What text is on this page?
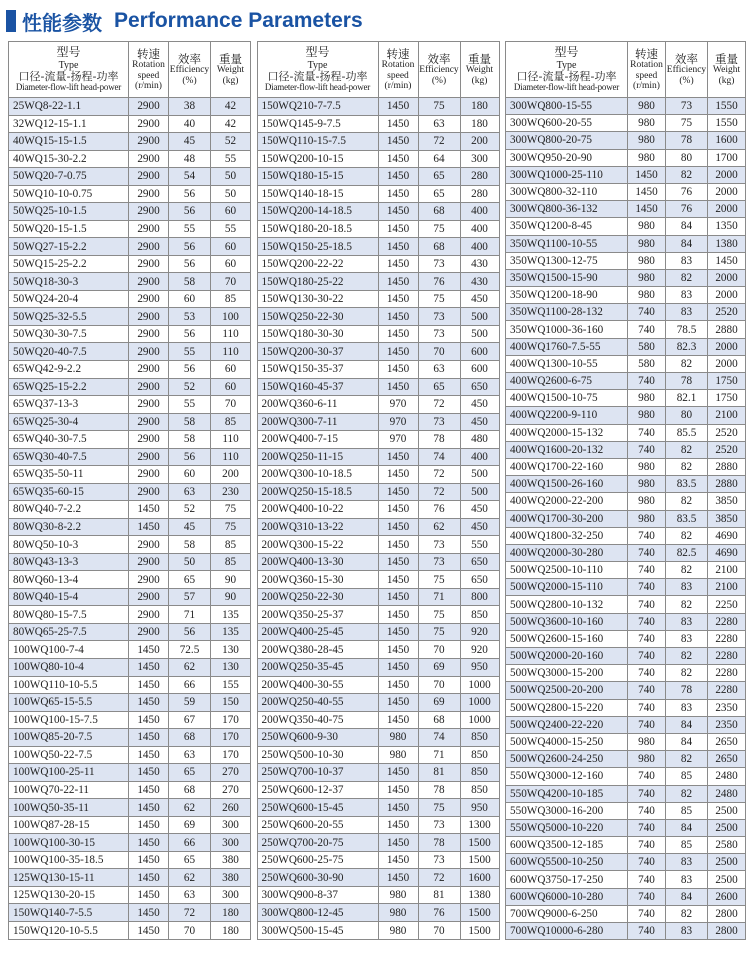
性能参数 Performance Parameters
型号
Type
口径-流量-扬程-功率
Diameter-flow-lift head-power	转速
Rotation speed
(r/min)	效率
Efficiency
(%)	重量
Weight
(kg)

25WQ8-22-1.1	2900	38	42
32WQ12-15-1.1	2900	40	42
40WQ15-15-1.5	2900	45	52
40WQ15-30-2.2	2900	48	55
50WQ20-7-0.75	2900	54	50
50WQ10-10-0.75	2900	56	50
50WQ25-10-1.5	2900	56	60
50WQ20-15-1.5	2900	55	55
50WQ27-15-2.2	2900	56	60
50WQ15-25-2.2	2900	56	60
50WQ18-30-3	2900	58	70
50WQ24-20-4	2900	60	85
50WQ25-32-5.5	2900	53	100
50WQ30-30-7.5	2900	56	110
50WQ20-40-7.5	2900	55	110
65WQ42-9-2.2	2900	56	60
65WQ25-15-2.2	2900	52	60
65WQ37-13-3	2900	55	70
65WQ25-30-4	2900	58	85
65WQ40-30-7.5	2900	58	110
65WQ30-40-7.5	2900	56	110
65WQ35-50-11	2900	60	200
65WQ35-60-15	2900	63	230
80WQ40-7-2.2	1450	52	75
80WQ30-8-2.2	1450	45	75
80WQ50-10-3	2900	58	85
80WQ43-13-3	2900	50	85
80WQ60-13-4	2900	65	90
80WQ40-15-4	2900	57	90
80WQ80-15-7.5	2900	71	135
80WQ65-25-7.5	2900	56	135
100WQ100-7-4	1450	72.5	130
100WQ80-10-4	1450	62	130
100WQ110-10-5.5	1450	66	155
100WQ65-15-5.5	1450	59	150
100WQ100-15-7.5	1450	67	170
100WQ85-20-7.5	1450	68	170
100WQ50-22-7.5	1450	63	170
100WQ100-25-11	1450	65	270
100WQ70-22-11	1450	68	270
100WQ50-35-11	1450	62	260
100WQ87-28-15	1450	69	300
100WQ100-30-15	1450	66	300
100WQ100-35-18.5	1450	65	380
125WQ130-15-11	1450	62	380
125WQ130-20-15	1450	63	300
150WQ140-7-5.5	1450	72	180
150WQ120-10-5.5	1450	70	180
型号
Type
口径-流量-扬程-功率
Diameter-flow-lift head-power	转速
Rotation speed
(r/min)	效率
Efficiency
(%)	重量
Weight
(kg)

150WQ210-7-7.5	1450	75	180
150WQ145-9-7.5	1450	63	180
150WQ110-15-7.5	1450	72	200
150WQ200-10-15	1450	64	300
150WQ180-15-15	1450	65	280
150WQ140-18-15	1450	65	280
150WQ200-14-18.5	1450	68	400
150WQ180-20-18.5	1450	75	400
150WQ150-25-18.5	1450	68	400
150WQ200-22-22	1450	73	430
150WQ180-25-22	1450	76	430
150WQ130-30-22	1450	75	450
150WQ250-22-30	1450	73	500
150WQ180-30-30	1450	73	500
150WQ200-30-37	1450	70	600
150WQ150-35-37	1450	63	600
150WQ160-45-37	1450	65	650
200WQ360-6-11	970	72	450
200WQ300-7-11	970	73	450
200WQ400-7-15	970	78	480
200WQ250-11-15	1450	74	400
200WQ300-10-18.5	1450	72	500
200WQ250-15-18.5	1450	72	500
200WQ400-10-22	1450	76	450
200WQ310-13-22	1450	62	450
200WQ300-15-22	1450	73	550
200WQ400-13-30	1450	73	650
200WQ360-15-30	1450	75	650
200WQ250-22-30	1450	71	800
200WQ350-25-37	1450	75	850
200WQ400-25-45	1450	75	920
200WQ380-28-45	1450	70	920
200WQ250-35-45	1450	69	950
200WQ400-30-55	1450	70	1000
200WQ250-40-55	1450	69	1000
200WQ350-40-75	1450	68	1000
250WQ600-9-30	980	74	850
250WQ500-10-30	980	71	850
250WQ700-10-37	1450	81	850
250WQ600-12-37	1450	78	850
250WQ600-15-45	1450	75	950
250WQ600-20-55	1450	73	1300
250WQ700-20-75	1450	78	1500
250WQ600-25-75	1450	73	1500
250WQ600-30-90	1450	72	1600
300WQ900-8-37	980	81	1380
300WQ800-12-45	980	76	1500
300WQ500-15-45	980	70	1500
型号
Type
口径-流量-扬程-功率
Diameter-flow-lift head-power	转速
Rotation speed
(r/min)	效率
Efficiency
(%)	重量
Weight
(kg)

300WQ800-15-55	980	73	1550
300WQ600-20-55	980	75	1550
300WQ800-20-75	980	78	1600
300WQ950-20-90	980	80	1700
300WQ1000-25-110	1450	82	2000
300WQ800-32-110	1450	76	2000
300WQ800-36-132	1450	76	2000
350WQ1200-8-45	980	84	1350
350WQ1100-10-55	980	84	1380
350WQ1300-12-75	980	83	1450
350WQ1500-15-90	980	82	2000
350WQ1200-18-90	980	83	2000
350WQ1100-28-132	740	83	2520
350WQ1000-36-160	740	78.5	2880
400WQ1760-7.5-55	580	82.3	2000
400WQ1300-10-55	580	82	2000
400WQ2600-6-75	740	78	1750
400WQ1500-10-75	980	82.1	1750
400WQ2200-9-110	980	80	2100
400WQ2000-15-132	740	85.5	2520
400WQ1600-20-132	740	82	2520
400WQ1700-22-160	980	82	2880
400WQ1500-26-160	980	83.5	2880
400WQ2000-22-200	980	82	3850
400WQ1700-30-200	980	83.5	3850
400WQ1800-32-250	740	82	4690
400WQ2000-30-280	740	82.5	4690
500WQ2500-10-110	740	82	2100
500WQ2000-15-110	740	83	2100
500WQ2800-10-132	740	82	2250
500WQ3600-10-160	740	83	2280
500WQ2600-15-160	740	83	2280
500WQ2000-20-160	740	82	2280
500WQ3000-15-200	740	82	2280
500WQ2500-20-200	740	78	2280
500WQ2800-15-220	740	83	2350
500WQ2400-22-220	740	84	2350
500WQ4000-15-250	980	84	2650
500WQ2600-24-250	980	82	2650
550WQ3000-12-160	740	85	2480
550WQ4200-10-185	740	82	2480
550WQ3000-16-200	740	85	2500
550WQ5000-10-220	740	84	2500
600WQ3500-12-185	740	85	2580
600WQ5500-10-250	740	83	2500
600WQ3750-17-250	740	83	2500
600WQ6000-10-280	740	84	2600
700WQ9000-6-250	740	82	2800
700WQ10000-6-280	740	83	2800
